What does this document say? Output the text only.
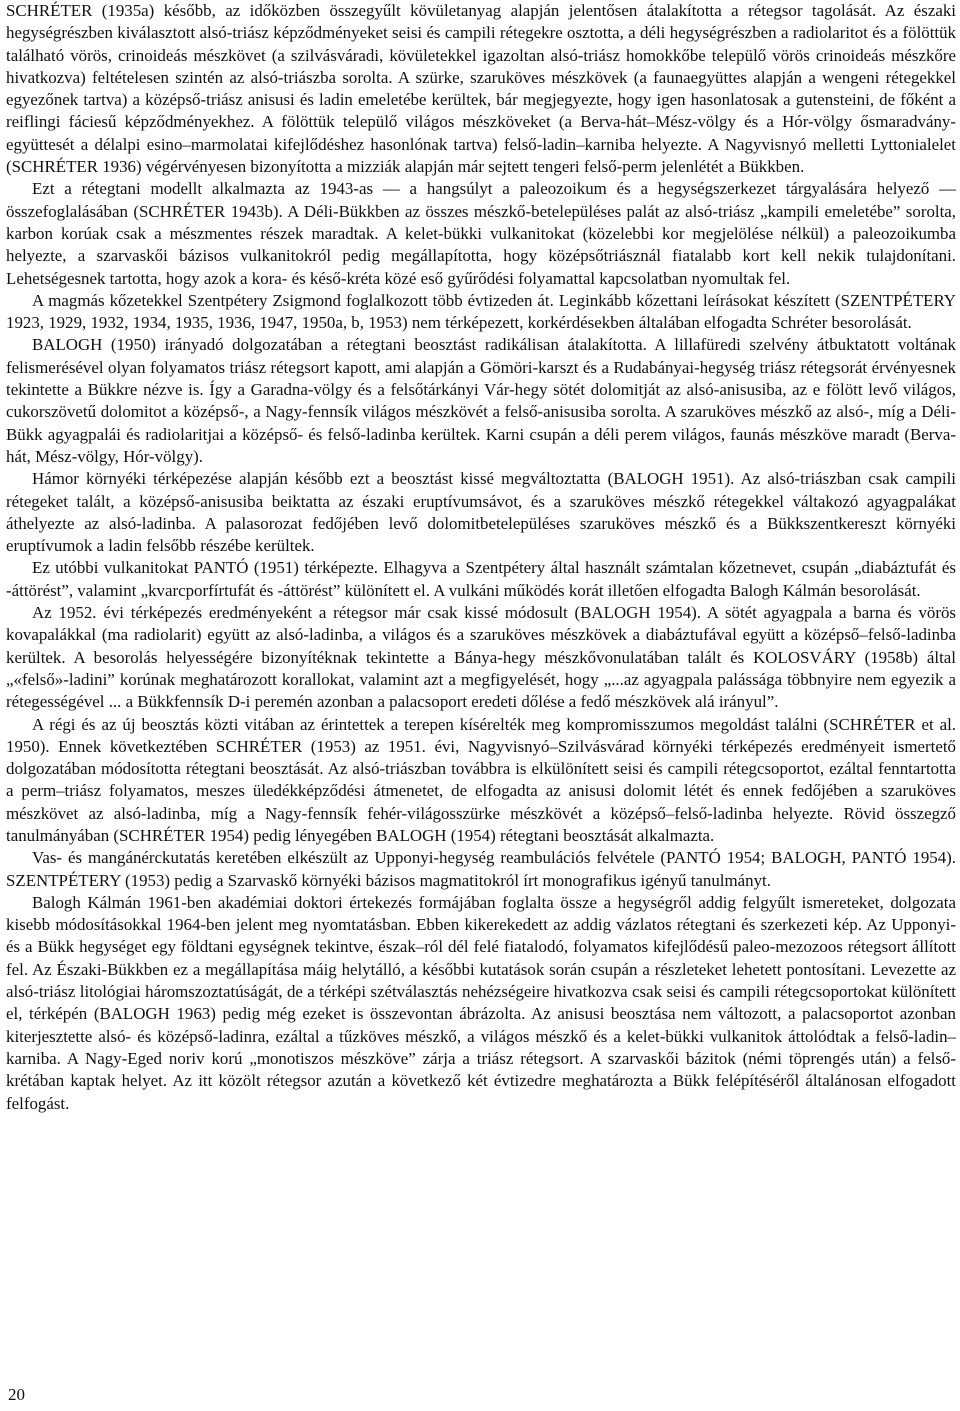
SCHRÉTER (1935a) később, az időközben összegyűlt kövületanyag alapján jelentősen átalakította a rétegsor tagolását. Az északi hegységrészben kiválasztott alsó-triász képződményeket seisi és campili rétegekre osztotta, a déli hegységrészben a radiolaritot és a fölöttük található vörös, crinoideás mészkövet (a szilvásváradi, kövületekkel igazoltan alsó-triász homokkőbe települő vörös crinoideás mészkőre hivatkozva) feltételesen szintén az alsó-triászba sorolta. A szürke, szaruköves mészkövek (a faunaegyüttes alapján a wengeni rétegekkel egyezőnek tartva) a középső-triász anisusi és ladin emeletébe kerültek, bár megjegyezte, hogy igen hasonlatosak a gutensteini, de főként a reiflingi fáciesű képződményekhez. A fölöttük települő világos mészköveket (a Berva-hát–Mész-völgy és a Hór-völgy ősmaradvány-együttesét a délalpi esino–marmolatai kifejlődéshez hasonlónak tartva) felső-ladin–karniba helyezte. A Nagyvisnyó melletti Lyttonialelet (SCHRÉTER 1936) végérvényesen bizonyította a mizziák alapján már sejtett tengeri felső-perm jelenlétét a Bükkben.

Ezt a rétegtani modellt alkalmazta az 1943-as — a hangsúlyt a paleozoikum és a hegységszerkezet tárgyalására helyező — összefoglalásában (SCHRÉTER 1943b). A Déli-Bükkben az összes mészkő-betelepüléses palát az alsó-triász „kampili emeletébe” sorolta, karbon korúak csak a mészmentes részek maradtak. A kelet-bükki vulkanitokat (közelebbi kor megjelölése nélkül) a paleozoikumba helyezte, a szarvaskői bázisos vulkanitokról pedig megállapította, hogy középsőtriásznál fiatalabb kort kell nekik tulajdonítani. Lehetségesnek tartotta, hogy azok a kora- és késő-kréta közé eső gyűrődési folyamattal kapcsolatban nyomultak fel.

A magmás kőzetekkel Szentpétery Zsigmond foglalkozott több évtizeden át. Leginkább kőzettani leírásokat készített (SZENTPÉTERY 1923, 1929, 1932, 1934, 1935, 1936, 1947, 1950a, b, 1953) nem térképezett, korkérdésekben általában elfogadta Schréter besorolását.

BALOGH (1950) irányadó dolgozatában a rétegtani beosztást radikálisan átalakította. A lillafüredi szelvény átbuktatott voltának felismerésével olyan folyamatos triász rétegsort kapott, ami alapján a Gömöri-karszt és a Rudabányai-hegység triász rétegsorát érvényesnek tekintette a Bükkre nézve is. Így a Garadna-völgy és a felsőtárkányi Vár-hegy sötét dolomitját az alsó-anisusiba, az e fölött levő világos, cukorszövetű dolomitot a középső-, a Nagy-fennsík világos mészkövét a felső-anisusiba sorolta. A szaruköves mészkő az alsó-, míg a Déli-Bükk agyagpalái és radiolaritjai a középső- és felső-ladinba kerültek. Karni csupán a déli perem világos, faunás mészköve maradt (Berva-hát, Mész-völgy, Hór-völgy).

Hámor környéki térképezése alapján később ezt a beosztást kissé megváltoztatta (BALOGH 1951). Az alsó-triászban csak campili rétegeket talált, a középső-anisusiba beiktatta az északi eruptívumsávot, és a szaruköves mészkő rétegekkel váltakozó agyagpalákat áthelyezte az alsó-ladinba. A palasorozat fedőjében levő dolomitbetelepüléses szaruköves mészkő és a Bükkszentkereszt környéki eruptívumok a ladin felsőbb részébe kerültek.

Ez utóbbi vulkanitokat PANTÓ (1951) térképezte. Elhagyva a Szentpétery által használt számtalan kőzetnevet, csupán „diabáztufát és -áttörést”, valamint „kvarcporfírtufát és -áttörést” különített el. A vulkáni működés korát illetően elfogadta Balogh Kálmán besorolását.

Az 1952. évi térképezés eredményeként a rétegsor már csak kissé módosult (BALOGH 1954). A sötét agyagpala a barna és vörös kovapalákkal (ma radiolarit) együtt az alsó-ladinba, a világos és a szaruköves mészkövek a diabáztufával együtt a középső–felső-ladinba kerültek. A besorolás helyességére bizonyítéknak tekintette a Bánya-hegy mészkővonulatában talált és KOLOSVÁRY (1958b) által „«felső»-ladini” korúnak meghatározott korallokat, valamint azt a megfigyelését, hogy „...az agyagpala palássága többnyire nem egyezik a rétegességével ... a Bükkfennsík D-i peremén azonban a palacsoport eredeti dőlése a fedő mészkövek alá irányul”.

A régi és az új beosztás közti vitában az érintettek a terepen kísérelték meg kompromisszumos megoldást találni (SCHRÉTER et al. 1950). Ennek következtében SCHRÉTER (1953) az 1951. évi, Nagyvisnyó–Szilvásvárad környéki térképezés eredményeit ismertető dolgozatában módosította rétegtani beosztását. Az alsó-triászban továbbra is elkülönített seisi és campili rétegcsoportot, ezáltal fenntartotta a perm–triász folyamatos, meszes üledékképződési átmenetet, de elfogadta az anisusi dolomit létét és ennek fedőjében a szaruköves mészkövet az alsó-ladinba, míg a Nagy-fennsík fehér-világosszürke mészkövét a középső–felső-ladinba helyezte. Rövid összegző tanulmányában (SCHRÉTER 1954) pedig lényegében BALOGH (1954) rétegtani beosztását alkalmazta.

Vas- és mangánérckutatás keretében elkészült az Upponyi-hegység reambulációs felvétele (PANTÓ 1954; BALOGH, PANTÓ 1954). SZENTPÉTERY (1953) pedig a Szarvaskő környéki bázisos magmatitokról írt monografikus igényű tanulmányt.

Balogh Kálmán 1961-ben akadémiai doktori értekezés formájában foglalta össze a hegységről addig felgyűlt ismereteket, dolgozata kisebb módosításokkal 1964-ben jelent meg nyomtatásban. Ebben kikerekedett az addig vázlatos rétegtani és szerkezeti kép. Az Upponyi- és a Bükk hegységet egy földtani egységnek tekintve, észak–ról dél felé fiatalodó, folyamatos kifejlődésű paleo-mezozoos rétegsort állított fel. Az Északi-Bükkben ez a megállapítása máig helytálló, a későbbi kutatások során csupán a részleteket lehetett pontosítani. Levezette az alsó-triász litológiai háromszoztatúságát, de a térképi szétválasztás nehézségeire hivatkozva csak seisi és campili rétegcsoportokat különített el, térképén (BALOGH 1963) pedig még ezeket is összevontan ábrázolta. Az anisusi beosztása nem változott, a palacsoportot azonban kiterjesztette alsó- és középső-ladinra, ezáltal a tűzköves mészkő, a világos mészkő és a kelet-bükki vulkanitok áttolódtak a felső-ladin–karniba. A Nagy-Eged noriv korú „monotiszos mészköve” zárja a triász rétegsort. A szarvaskői bázitok (némi töprengés után) a felső-krétában kaptak helyet. Az itt közölt rétegsor azután a következő két évtizedre meghatározta a Bükk felépítéséről általánosan elfogadott felfogást.

20
